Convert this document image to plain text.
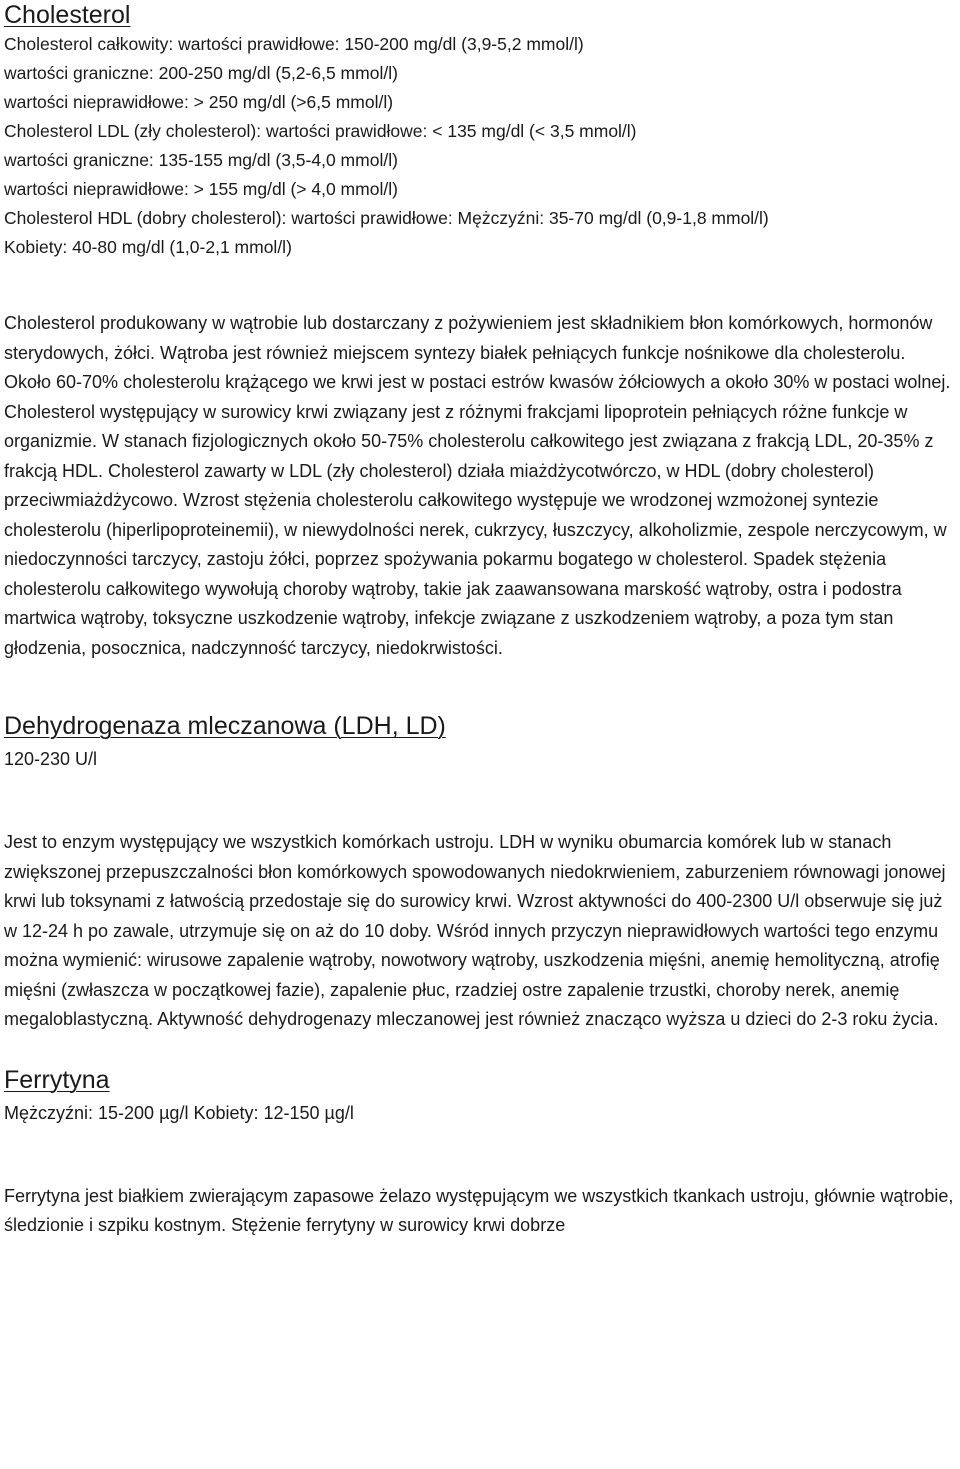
Cholesterol
Cholesterol całkowity: wartości prawidłowe: 150-200 mg/dl (3,9-5,2 mmol/l)
wartości graniczne: 200-250 mg/dl (5,2-6,5 mmol/l)
wartości nieprawidłowe: > 250 mg/dl (>6,5 mmol/l)
Cholesterol LDL (zły cholesterol): wartości prawidłowe: < 135 mg/dl (< 3,5 mmol/l)
wartości graniczne: 135-155 mg/dl (3,5-4,0 mmol/l)
wartości nieprawidłowe: > 155 mg/dl (> 4,0 mmol/l)
Cholesterol HDL (dobry cholesterol): wartości prawidłowe: Mężczyźni: 35-70 mg/dl (0,9-1,8 mmol/l)
Kobiety: 40-80 mg/dl (1,0-2,1 mmol/l)

Cholesterol produkowany w wątrobie lub dostarczany z pożywieniem jest składnikiem błon komórkowych, hormonów sterydowych, żółci. Wątroba jest również miejscem syntezy białek pełniących funkcje nośnikowe dla cholesterolu. Około 60-70% cholesterolu krążącego we krwi jest w postaci estrów kwasów żółciowych a około 30% w postaci wolnej. Cholesterol występujący w surowicy krwi związany jest z różnymi frakcjami lipoprotein pełniących różne funkcje w organizmie. W stanach fizjologicznych około 50-75% cholesterolu całkowitego jest związana z frakcją LDL, 20-35% z frakcją HDL. Cholesterol zawarty w LDL (zły cholesterol) działa miażdżycotwórczo, w HDL (dobry cholesterol) przeciwmiażdżycowo. Wzrost stężenia cholesterolu całkowitego występuje we wrodzonej wzmożonej syntezie cholesterolu (hiperlipoproteinemii), w niewydolności nerek, cukrzycy, łuszczycy, alkoholizmie, zespole nerczycowym, w niedoczynności tarczycy, zastoju żółci, poprzez spożywania pokarmu bogatego w cholesterol. Spadek stężenia cholesterolu całkowitego wywołują choroby wątroby, takie jak zaawansowana marskość wątroby, ostra i podostra martwica wątroby, toksyczne uszkodzenie wątroby, infekcje związane z uszkodzeniem wątroby, a poza tym stan głodzenia, posocznica, nadczynność tarczycy, niedokrwistości.

Dehydrogenaza mleczanowa (LDH, LD)
120-230 U/l

Jest to enzym występujący we wszystkich komórkach ustroju. LDH w wyniku obumarcia komórek lub w stanach zwiększonej przepuszczalności błon komórkowych spowodowanych niedokrwieniem, zaburzeniem równowagi jonowej krwi lub toksynami z łatwością przedostaje się do surowicy krwi. Wzrost aktywności do 400-2300 U/l obserwuje się już w 12-24 h po zawale, utrzymuje się on aż do 10 doby. Wśród innych przyczyn nieprawidłowych wartości tego enzymu można wymienić: wirusowe zapalenie wątroby, nowotwory wątroby, uszkodzenia mięśni, anemię hemolityczną, atrofię mięśni (zwłaszcza w początkowej fazie), zapalenie płuc, rzadziej ostre zapalenie trzustki, choroby nerek, anemię megaloblastyczną. Aktywność dehydrogenazy mleczanowej jest również znacząco wyższa u dzieci do 2-3 roku życia.

Ferrytyna
Mężczyźni: 15-200 µg/l Kobiety: 12-150 µg/l

Ferrytyna jest białkiem zwierającym zapasowe żelazo występującym we wszystkich tkankach ustroju, głównie wątrobie, śledzionie i szpiku kostnym. Stężenie ferrytyny w surowicy krwi dobrze
